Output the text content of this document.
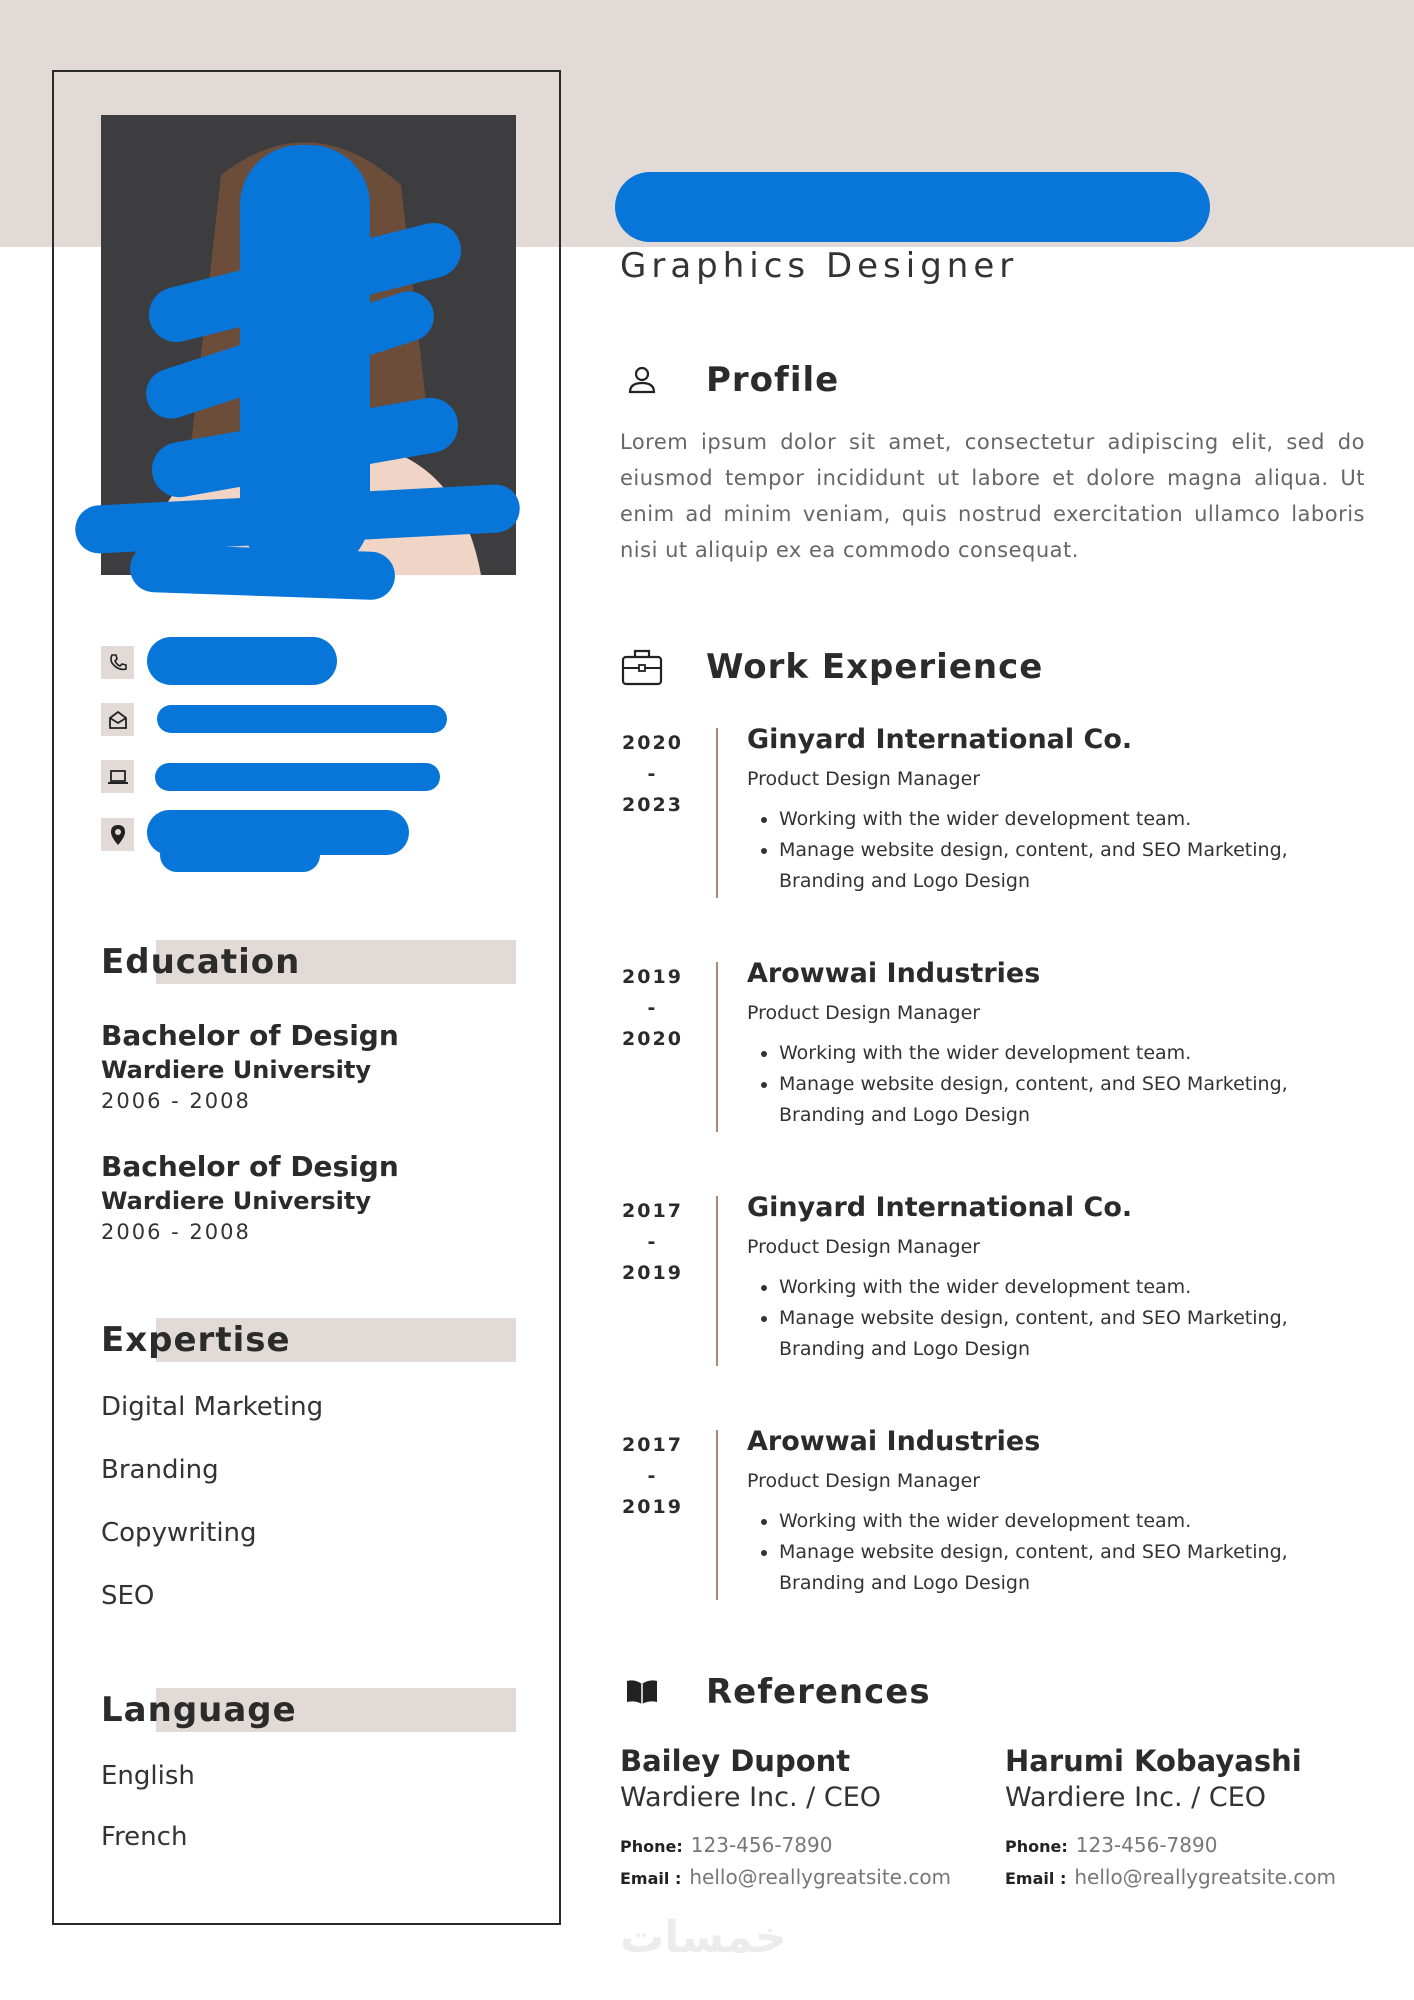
Education
Bachelor of Design
Wardiere University
2006 - 2008
Bachelor of Design
Wardiere University
2006 - 2008
Expertise
Digital Marketing
Branding
Copywriting
SEO
Language
English
French
Graphics Designer
Profile
Lorem ipsum dolor sit amet, consectetur adipiscing elit, sed do eiusmod tempor incididunt ut labore et dolore magna aliqua. Ut enim ad minim veniam, quis nostrud exercitation ullamco laboris nisi ut aliquip ex ea commodo consequat.
Work Experience
2020
-
2023
Ginyard International Co.
Product Design Manager
• Working with the wider development team.
• Manage website design, content, and SEO Marketing, Branding and Logo Design
2019
-
2020
Arowwai Industries
Product Design Manager
• Working with the wider development team.
• Manage website design, content, and SEO Marketing, Branding and Logo Design
2017
-
2019
Ginyard International Co.
Product Design Manager
• Working with the wider development team.
• Manage website design, content, and SEO Marketing, Branding and Logo Design
2017
-
2019
Arowwai Industries
Product Design Manager
• Working with the wider development team.
• Manage website design, content, and SEO Marketing, Branding and Logo Design
References
Bailey Dupont
Wardiere Inc. / CEO
Phone: 123-456-7890
Email : hello@reallygreatsite.com
Harumi Kobayashi
Wardiere Inc. / CEO
Phone: 123-456-7890
Email : hello@reallygreatsite.com
خمسات
